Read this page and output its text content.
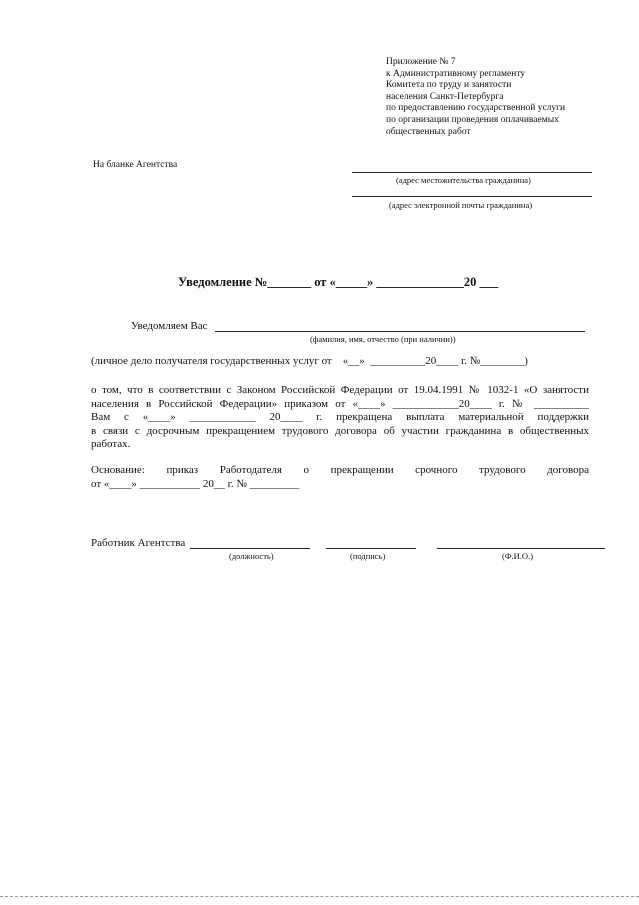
Приложение № 7
к Административному регламенту
Комитета по труду и занятости
населения Санкт-Петербурга
по предоставлению государственной услуги
по организации проведения оплачиваемых
общественных работ
На бланке Агентства
(адрес местожительства гражданина)
(адрес электронной почты гражданина)
Уведомление №_______ от «_____» ______________20 ___
Уведомляем Вас
(фамилия, имя, отчество (при наличии))
(личное дело получателя государственных услуг от    «__»  __________20____ г. №________)
о том, что в соответствии с Законом Российской Федерации от 19.04.1991 № 1032-1 «О занятости
населения в Российской Федерации» приказом от «____» ____________20____ г. № __________
Вам с «____» ____________ 20____ г. прекращена выплата материальной поддержки
в связи с досрочным прекращением трудового договора об участии гражданина в общественных
работах.
Основание: приказ Работодателя о прекращении срочного трудового договора
от «____» ___________ 20__ г. № _________
Работник Агентства
(должность)	(подпись)	(Ф.И.О.)
